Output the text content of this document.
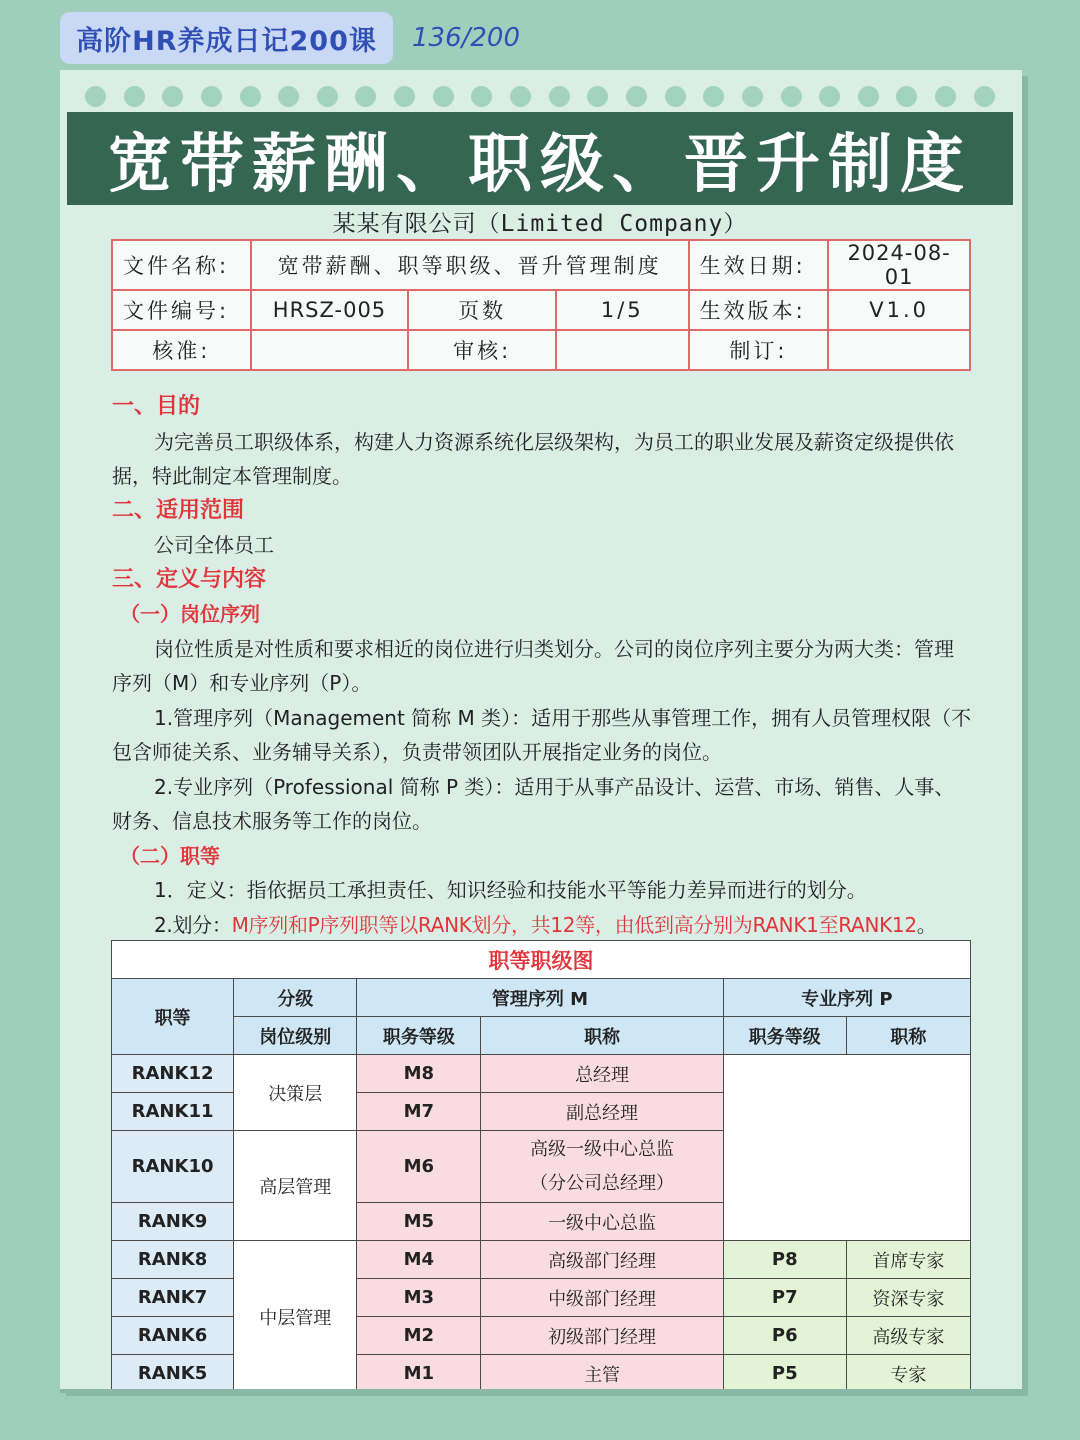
高阶HR养成日记200课	136/200
宽带薪酬、职级、晋升制度
某某有限公司（Limited Company）
文件名称:	宽带薪酬、职等职级、晋升管理制度			生效日期:	2024-08-01
文件编号:	HRSZ-005	页数	1/5	生效版本:	V1.0
核准:		审核:		制订:	
一、目的
为完善员工职级体系，构建人力资源系统化层级架构，为员工的职业发展及薪资定级提供依据，特此制定本管理制度。
二、适用范围
公司全体员工
三、定义与内容
（一）岗位序列
岗位性质是对性质和要求相近的岗位进行归类划分。公司的岗位序列主要分为两大类：管理序列（M）和专业序列（P）。
1.管理序列（Management 简称 M 类）：适用于那些从事管理工作，拥有人员管理权限（不包含师徒关系、业务辅导关系），负责带领团队开展指定业务的岗位。
2.专业序列（Professional 简称 P 类）：适用于从事产品设计、运营、市场、销售、人事、财务、信息技术服务等工作的岗位。
（二）职等
1．定义：指依据员工承担责任、知识经验和技能水平等能力差异而进行的划分。
2.划分：M序列和P序列职等以RANK划分，共12等，由低到高分别为RANK1至RANK12。
职等职级图					
职等	分级	管理序列 M		专业序列 P	
	岗位级别	职务等级	职称	职务等级	职称
RANK12	决策层	M8	总经理		
RANK11		M7	副总经理		
RANK10	高层管理	M6	高级一级中心总监
（分公司总经理）		

RANK9		M5	一级中心总监		
RANK8	中层管理	M4	高级部门经理	P8	首席专家
RANK7		M3	中级部门经理	P7	资深专家
RANK6		M2	初级部门经理	P6	高级专家
RANK5		M1	主管	P5	专家
